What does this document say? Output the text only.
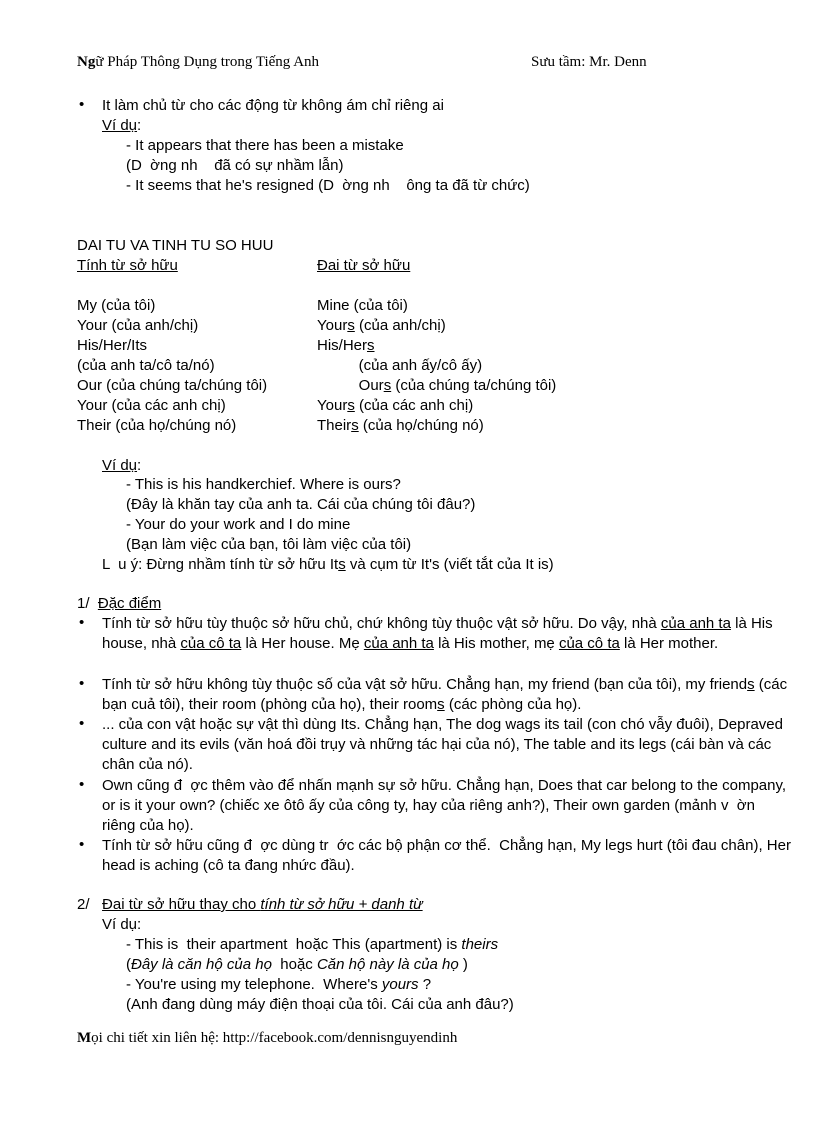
Ngữ Pháp Thông Dụng trong Tiếng Anh	Sưu tầm: Mr. Denn
• It làm chủ từ cho các động từ không ám chỉ riêng ai
Ví dụ:
- It appears that there has been a mistake
(D  ờng nh    đã có sự nhầm lẫn)
- It seems that he's resigned (D  ờng nh    ông ta đã từ chức)
DAI TU VA TINH TU SO HUU
Tính từ sở hữu	Đai từ sở hữu
My (của tôi)
Your (của anh/chị)
His/Her/Its
(của anh ta/cô ta/nó)
Our (của chúng ta/chúng tôi)
Your (của các anh chị)
Their (của họ/chúng nó)
Mine (của tôi)
Yours (của anh/chị)
His/Hers
(của anh ấy/cô ấy)
Ours (của chúng ta/chúng tôi)
Yours (của các anh chị)
Theirs (của họ/chúng nó)
Ví dụ:
- This is his handkerchief. Where is ours?
(Đây là khăn tay của anh ta. Cái của chúng tôi đâu?)
- Your do your work and I do mine
(Bạn làm việc của bạn, tôi làm việc của tôi)
L  u ý: Đừng nhầm tính từ sở hữu Its và cụm từ It's (viết tắt của It is)
1/ Đặc điểm
• Tính từ sở hữu tùy thuộc sở hữu chủ, chứ không tùy thuộc vật sở hữu. Do vậy, nhà của anh ta là His house, nhà của cô ta là Her house. Mẹ của anh ta là His mother, mẹ của cô ta là Her mother.
• Tính từ sở hữu không tùy thuộc số của vật sở hữu. Chẳng hạn, my friend (bạn của tôi), my friends (các bạn cuả tôi), their room (phòng của họ), their rooms (các phòng của họ).
• ... của con vật hoặc sự vật thì dùng Its. Chẳng hạn, The dog wags its tail (con chó vẫy đuôi), Depraved culture and its evils (văn hoá đồi trụy và những tác hại của nó), The table and its legs (cái bàn và các chân của nó).
• Own cũng đ  ợc thêm vào để nhấn mạnh sự sở hữu. Chẳng hạn, Does that car belong to the company, or is it your own? (chiếc xe ôtô ấy của công ty, hay của riêng anh?), Their own garden (mảnh v  ờn riêng của họ).
• Tính từ sở hữu cũng đ  ợc dùng tr  ớc các bộ phận cơ thể.  Chẳng hạn, My legs hurt (tôi đau chân), Her head is aching (cô ta đang nhức đầu).
2/ Đai từ sở hữu thay cho tính từ sở hữu + danh từ
Ví dụ:
- This is  their apartment  hoặc This (apartment) is theirs
(Đây là căn hộ của họ  hoặc Căn hộ này là của họ )
- You're using my telephone.  Where's yours ?
(Anh đang dùng máy điện thoại của tôi. Cái của anh đâu?)
Mọi chi tiết xin liên hệ: http://facebook.com/dennisnguyendinh
